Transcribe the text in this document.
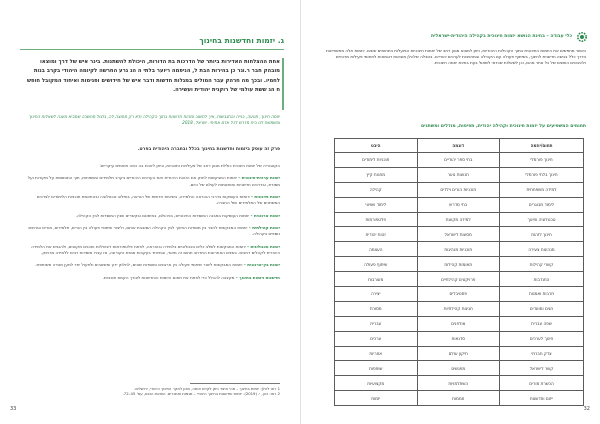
ג. יזמות וחדשנות בחינוך
אחת ההצלחות האדירות ביותר של הדרכות בת הדורות, היכולת להשתנות. בינר איש של דרך ומוצאו מובהק חבר ר.וגר כן בהירות הבת ל, הניפמה ריוער בלתי ה הג גרע החרשה לקיומה היהודי בקרב בנות לחמיו. ובכך מה חרהק עבר המולים במגלות חדשות ודבר איש של חידושים ופנימות ואיחוד המקובל חופש ח הג ששת עולמי של רוקנית יהודית ועשירה.
יוזמה חינוך, תנועה, בנייה והתגבשות, איך לחשוב ומהות חדשנות בתוך הקהילה ולא רק מחוצה לה, גלגול מחשבה שמביא מענה לשאלות החינוך ומשמשת לנו בית מדרש לכל אדם אמיתי. ישראל, 2018
פרק זה עוסק ביזמות וחדשנות בחינוך בכלל ובחברה היהודית בפרט.

הקטגוריה של יזמות חינוכית כוללת מגוון רחב של פעילויות ותוכניות, וניתן לזהות בה כמה תחומים עיקריים:

יזמות ערכית-חינוכית – יוזמות המבקשות לחזק את הזהות היהודית ואת הערכים היהודיים בקרב תלמידים ומשפחות, תוך התבססות על מקורות ועל מסורת, ובדרכים חדשניות ומותאמות לעולם של היום.

יזמות פדגוגית – יוזמות העוסקות בדרכי ההוראה והלמידה, בשיטות חדשות של הוראה, בשילוב טכנולוגיה ובהתאמת תוכניות הלימודים לצרכים המשתנים של התלמידים ושל החברה.

יזמות ארגונית – יוזמות העוסקות במבנה המוסדות החינוכיים, בניהולם, במימונם ובקשרים שבין המוסדות לבין הקהילה.

יזמות קהילתית – יוזמות המבקשות לחבר בין מוסדות החינוך לבין הקהילה הסובבת אותם, וליצור שיתופי פעולה בין הורים, תלמידים, מורים וגורמים נוספים בקהילה.

יזמות טכנולוגית – יוזמות המבקשות לשלב כלים טכנולוגיים בלמידה ובהוראה, לפתח פלטפורמות דיגיטליות ותכנים מקוונים, ולהנגיש את הלמידה היהודית לקהלים רחבים. בשנים האחרונות התרחב תחום זה מאוד, ובמיוחד בעקבות מגפת הקורונה, אז עברו מוסדות רבים ללמידה מרחוק.

יזמות בין-ארגונית – יוזמות המבקשות ליצור שיתופי פעולה בין ארגונים ומוסדות שונים, לחלוק ידע ומשאבים ולפעול יחד למען מטרה משותפת.

חדשנות ויזמות בחינוך – מקצבה להכלל כדי לפתח את תחום היזמות והחדשנות לצורך הקמת תוכניות.

1 ראו להלן: יזמות בחינוך – מהי וכיצד ניתן לקדם אותה, מכון לחקר החינוך היהודי, ירושלים.
2 ראו: כהן, י. (2019). יזמות וחדשנות בחינוך היהודי – מגמות ואתגרים. הוצאת הכנס, עמ' 45–72.
33
כלי עבודה – בחינת הנושא יזמות חינוכית בקהילה היהודית-ישראלית
כאשר מחפשים את היזמות החינוכית בתוך הקהילות היהודיות, ניתן למצוא מגוון רחב של יוזמות חינוכיות הפועלות בתחומים שונים. יוזמות אלה מתאפיינות בדרך כלל בגישה חדשנית לחינוך, בשיתוף פעולה עם הקהילה ובמחויבות לערכים יהודיים. בטבלה שלהלן מובאות דוגמאות לתחומי פעילות מרכזיים ולהיבטים השונים של כל אחד מהם, וכן לשאלות שכדאי לשאול בעת בחינת יוזמה חינוכית.
תחומים המשפיעים על יזמות חינוכית וקהילה יהודית, תפיסות, מודלים ומשתנים
תחום/יוזמה	דוגמה	היבט
חינוך פורמלי	בתי ספר יהודיים	תוכניות לימודים
חינוך בלתי פורמלי	תנועות נוער	מחנות קיץ
למידה משפחתית	תוכניות הורים וילדים	קהילה
לימוד מבוגרים	בתי מדרש	לימוד שוויוני
טכנולוגיה וחינוך	למידה מקוונת	פלטפורמות
חינוך לזהות	מסעות לישראל	זהות יהודית
מנהיגות צעירה	תוכניות מנהיגות	העצמה
קשרי קהילות	תאומות קהילות	שיתוף פעולה
התנדבות	פרויקטים קהילתיים	מעורבות
תרבות ואמנות	פסטיבלים	יצירה
חגים ומועדים	חגיגות קהילתיות	מסורת
שפה עברית	אולפנים	עברית
חינוך לערכים	סדנאות	ערכים
צדק חברתי	תיקון עולם	אחריות
קשר לישראל	מפגשים	שותפות
הכשרת מורים	השתלמויות	מקצועיות
ייזום וחדשנות	חממות	יזמות
32
